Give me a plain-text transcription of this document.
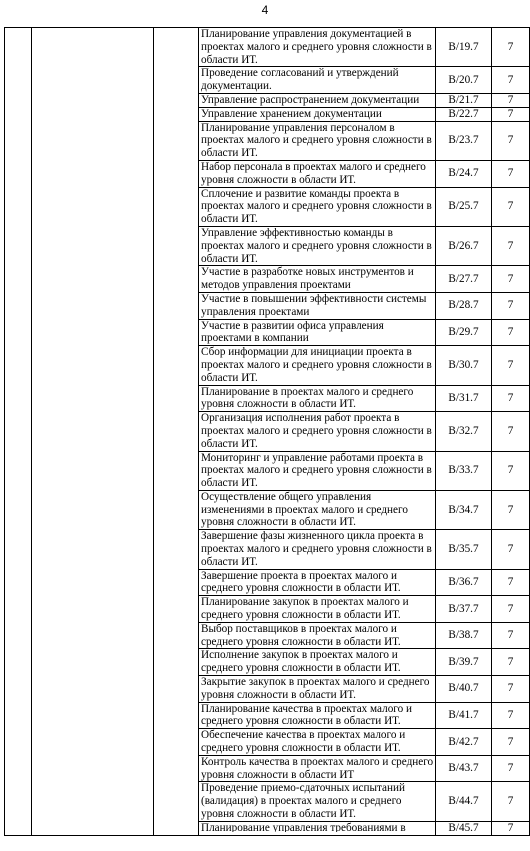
4

			Планирование управления документацией в проектах малого и среднего уровня сложности в области ИТ.	B/19.7	7

			Проведение согласований и утверждений документации.	B/20.7	7

			Управление распространением документации	B/21.7	7

			Управление хранением документации	B/22.7	7

			Планирование управления персоналом в проектах малого и среднего уровня сложности в области ИТ.	B/23.7	7

			Набор персонала в проектах малого и среднего уровня сложности в области ИТ.	B/24.7	7

			Сплочение и развитие команды проекта в проектах малого и среднего уровня сложности в области ИТ.	B/25.7	7

			Управление эффективностью команды в проектах малого и среднего уровня сложности в области ИТ.	B/26.7	7

			Участие в разработке новых инструментов и методов управления проектами	B/27.7	7

			Участие в повышении эффективности системы управления проектами	B/28.7	7

			Участие в развитии офиса управления проектами в компании	B/29.7	7

			Сбор информации для инициации проекта в проектах малого и среднего уровня сложности в области ИТ.	B/30.7	7

			Планирование в проектах малого и среднего уровня сложности в области ИТ.	B/31.7	7

			Организация исполнения работ проекта в проектах малого и среднего уровня сложности в области ИТ.	B/32.7	7

			Мониторинг и управление работами проекта в проектах малого и среднего уровня сложности в области ИТ.	B/33.7	7

			Осуществление общего управления изменениями в проектах малого и среднего уровня сложности в области ИТ.	B/34.7	7

			Завершение фазы жизненного цикла проекта в проектах малого и среднего уровня сложности в области ИТ.	B/35.7	7

			Завершение проекта в проектах малого и среднего уровня сложности в области ИТ.	B/36.7	7

			Планирование закупок в проектах малого и среднего уровня сложности в области ИТ.	B/37.7	7

			Выбор поставщиков в проектах малого и среднего уровня сложности в области ИТ.	B/38.7	7

			Исполнение закупок в проектах малого и среднего уровня сложности в области ИТ.	B/39.7	7

			Закрытие закупок в проектах малого и среднего уровня сложности в области ИТ.	B/40.7	7

			Планирование качества в проектах малого и среднего уровня сложности в области ИТ.	B/41.7	7

			Обеспечение качества в проектах малого и среднего уровня сложности в области ИТ.	B/42.7	7

			Контроль качества в проектах малого и среднего уровня сложности в области ИТ	B/43.7	7

			Проведение приемо-сдаточных испытаний (валидация) в проектах малого и среднего уровня сложности в области ИТ.	B/44.7	7

			Планирование управления требованиями в	B/45.7	7
